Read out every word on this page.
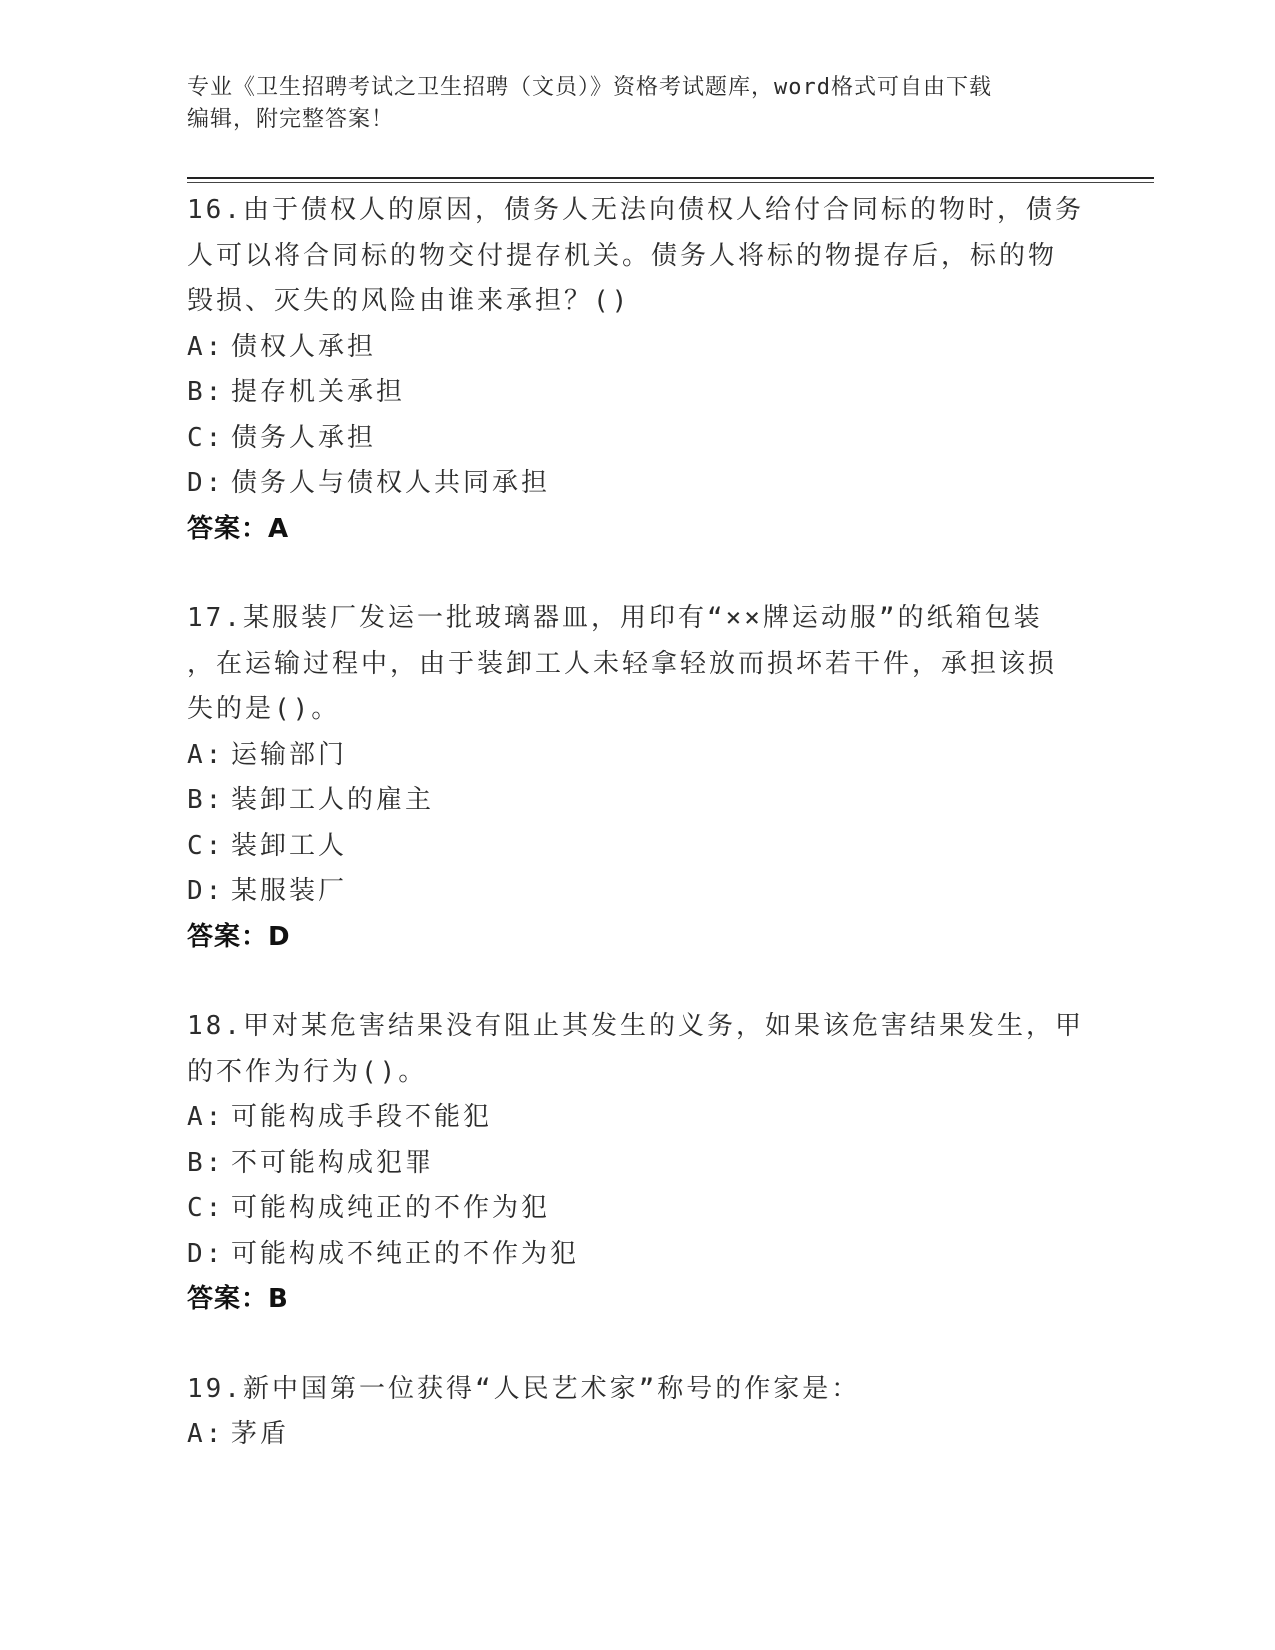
专业《卫生招聘考试之卫生招聘（文员）》资格考试题库，word格式可自由下载
编辑，附完整答案！
16.由于债权人的原因，债务人无法向债权人给付合同标的物时，债务
人可以将合同标的物交付提存机关。债务人将标的物提存后，标的物
毁损、灭失的风险由谁来承担？()
A: 债权人承担
B: 提存机关承担
C: 债务人承担
D: 债务人与债权人共同承担
答案：A
17.某服装厂发运一批玻璃器皿，用印有“××牌运动服”的纸箱包装
，在运输过程中，由于装卸工人未轻拿轻放而损坏若干件，承担该损
失的是()。
A: 运输部门
B: 装卸工人的雇主
C: 装卸工人
D: 某服装厂
答案：D
18.甲对某危害结果没有阻止其发生的义务，如果该危害结果发生，甲
的不作为行为()。
A: 可能构成手段不能犯
B: 不可能构成犯罪
C: 可能构成纯正的不作为犯
D: 可能构成不纯正的不作为犯
答案：B
19.新中国第一位获得“人民艺术家”称号的作家是：
A: 茅盾
